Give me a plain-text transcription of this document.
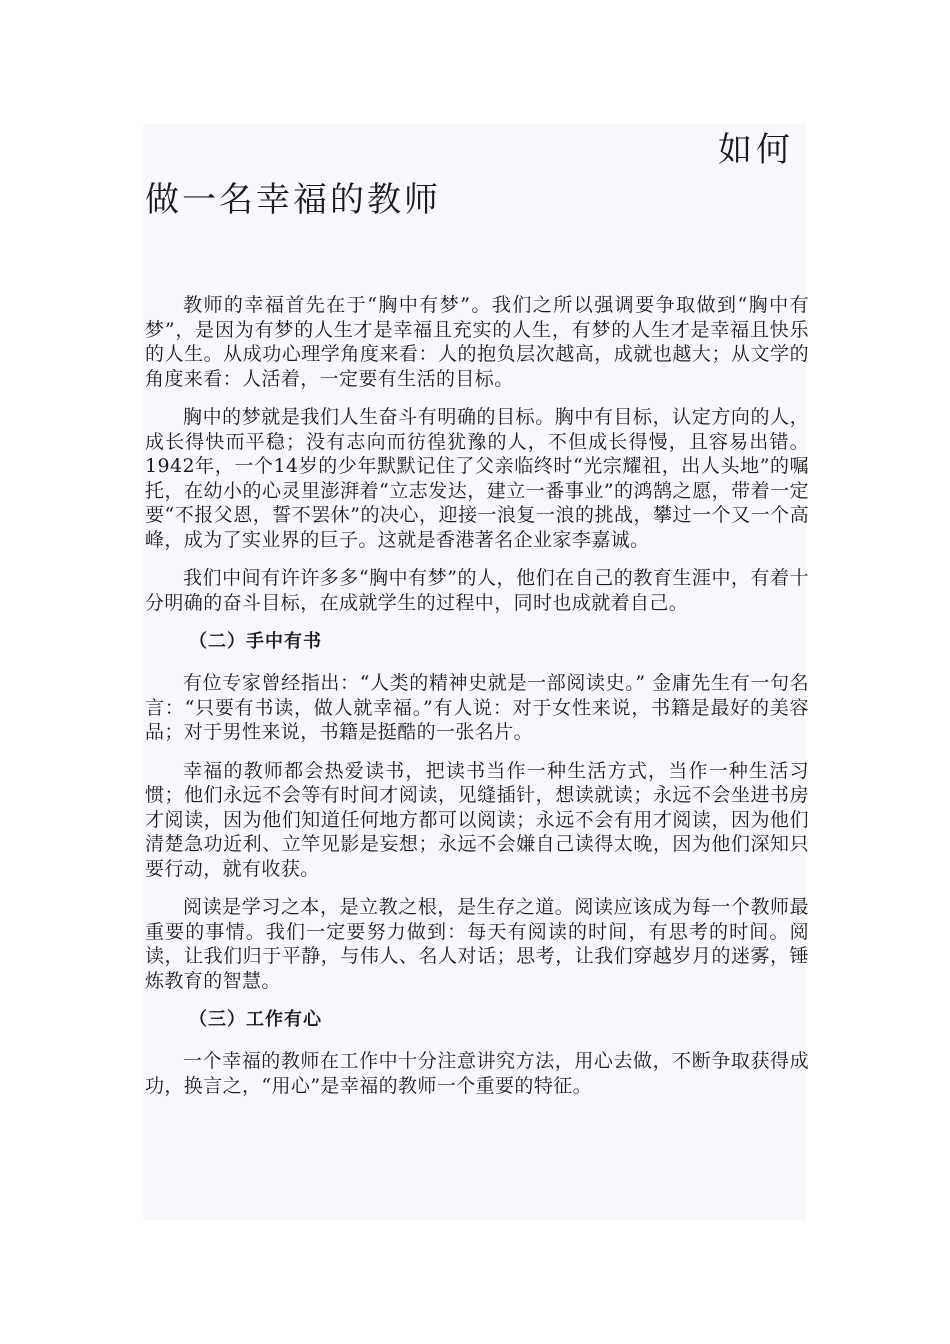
如何
做一名幸福的教师

教师的幸福首先在于“胸中有梦”。我们之所以强调要争取做到“胸中有梦”，是因为有梦的人生才是幸福且充实的人生，有梦的人生才是幸福且快乐的人生。从成功心理学角度来看：人的抱负层次越高，成就也越大；从文学的角度来看：人活着，一定要有生活的目标。

胸中的梦就是我们人生奋斗有明确的目标。胸中有目标，认定方向的人，成长得快而平稳；没有志向而彷徨犹豫的人，不但成长得慢，且容易出错。1942年，一个14岁的少年默默记住了父亲临终时“光宗耀祖，出人头地”的嘱托，在幼小的心灵里澎湃着“立志发达，建立一番事业”的鸿鹄之愿，带着一定要“不报父恩，誓不罢休”的决心，迎接一浪复一浪的挑战，攀过一个又一个高峰，成为了实业界的巨子。这就是香港著名企业家李嘉诚。

我们中间有许许多多“胸中有梦”的人，他们在自己的教育生涯中，有着十分明确的奋斗目标，在成就学生的过程中，同时也成就着自己。

（二）手中有书

有位专家曾经指出：“人类的精神史就是一部阅读史。” 金庸先生有一句名言：“只要有书读，做人就幸福。”有人说：对于女性来说，书籍是最好的美容品；对于男性来说，书籍是挺酷的一张名片。

幸福的教师都会热爱读书，把读书当作一种生活方式，当作一种生活习惯；他们永远不会等有时间才阅读，见缝插针，想读就读；永远不会坐进书房才阅读，因为他们知道任何地方都可以阅读；永远不会有用才阅读，因为他们清楚急功近利、立竿见影是妄想；永远不会嫌自己读得太晚，因为他们深知只要行动，就有收获。

阅读是学习之本，是立教之根，是生存之道。阅读应该成为每一个教师最重要的事情。我们一定要努力做到：每天有阅读的时间，有思考的时间。阅读，让我们归于平静，与伟人、名人对话；思考，让我们穿越岁月的迷雾，锤炼教育的智慧。

（三）工作有心

一个幸福的教师在工作中十分注意讲究方法，用心去做，不断争取获得成功，换言之，“用心”是幸福的教师一个重要的特征。
